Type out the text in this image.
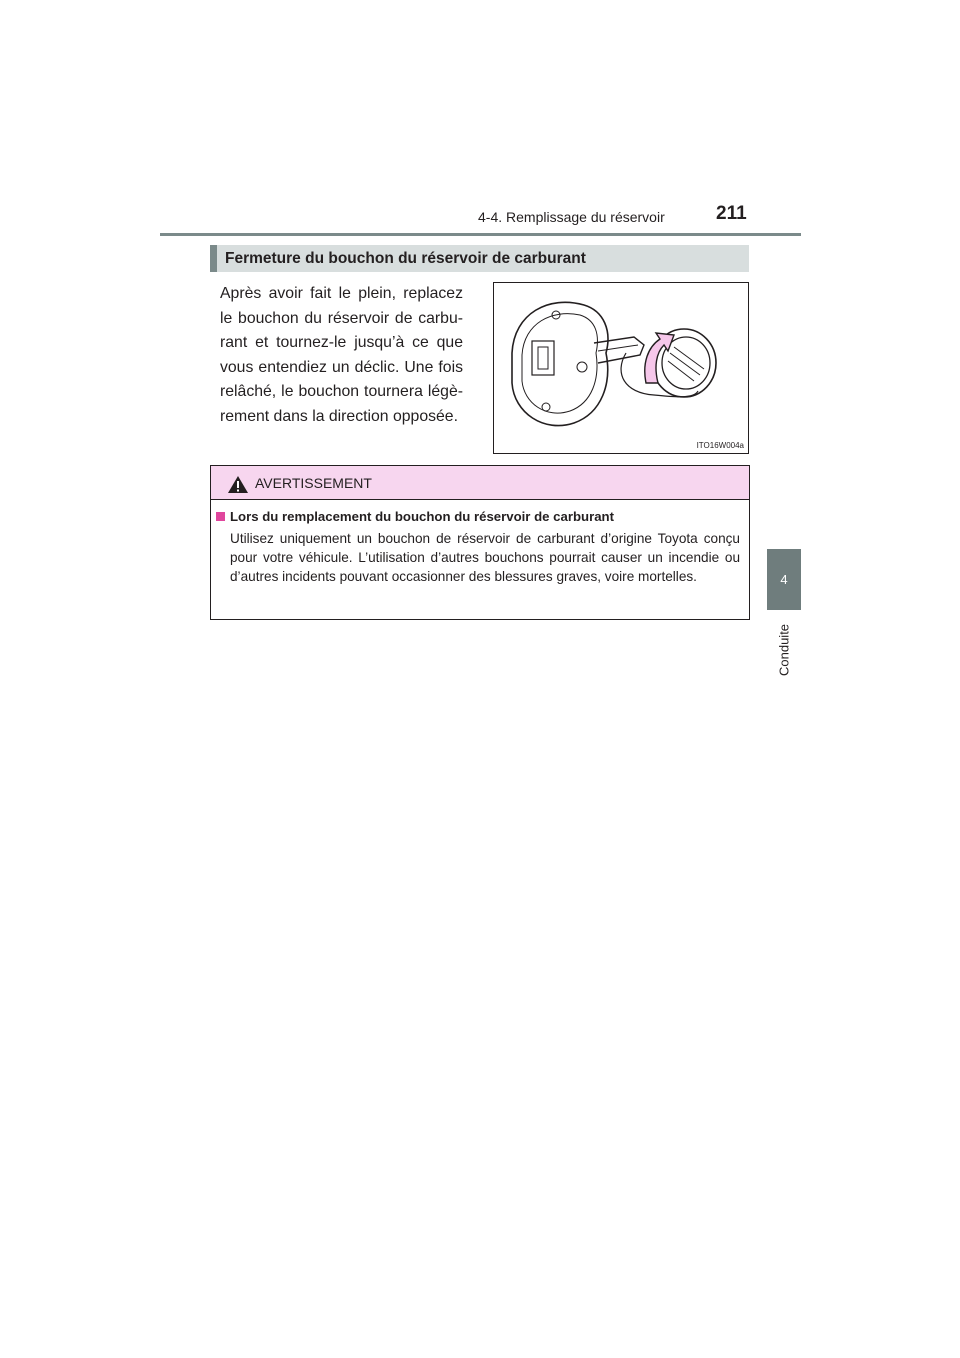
4-4. Remplissage du réservoir	211
4
Conduite
Fermeture du bouchon du réservoir de carburant
Après avoir fait le plein, replacez le bouchon du réservoir de carbu-rant et tournez-le jusqu’à ce que vous entendiez un déclic. Une fois relâché, le bouchon tournera légè-rement dans la direction opposée.
ITO16W004a
AVERTISSEMENT
Lors du remplacement du bouchon du réservoir de carburant
Utilisez uniquement un bouchon de réservoir de carburant d’origine Toyota conçu pour votre véhicule. L’utilisation d’autres bouchons pourrait causer un incendie ou d’autres incidents pouvant occasionner des blessures graves, voire mortelles.
